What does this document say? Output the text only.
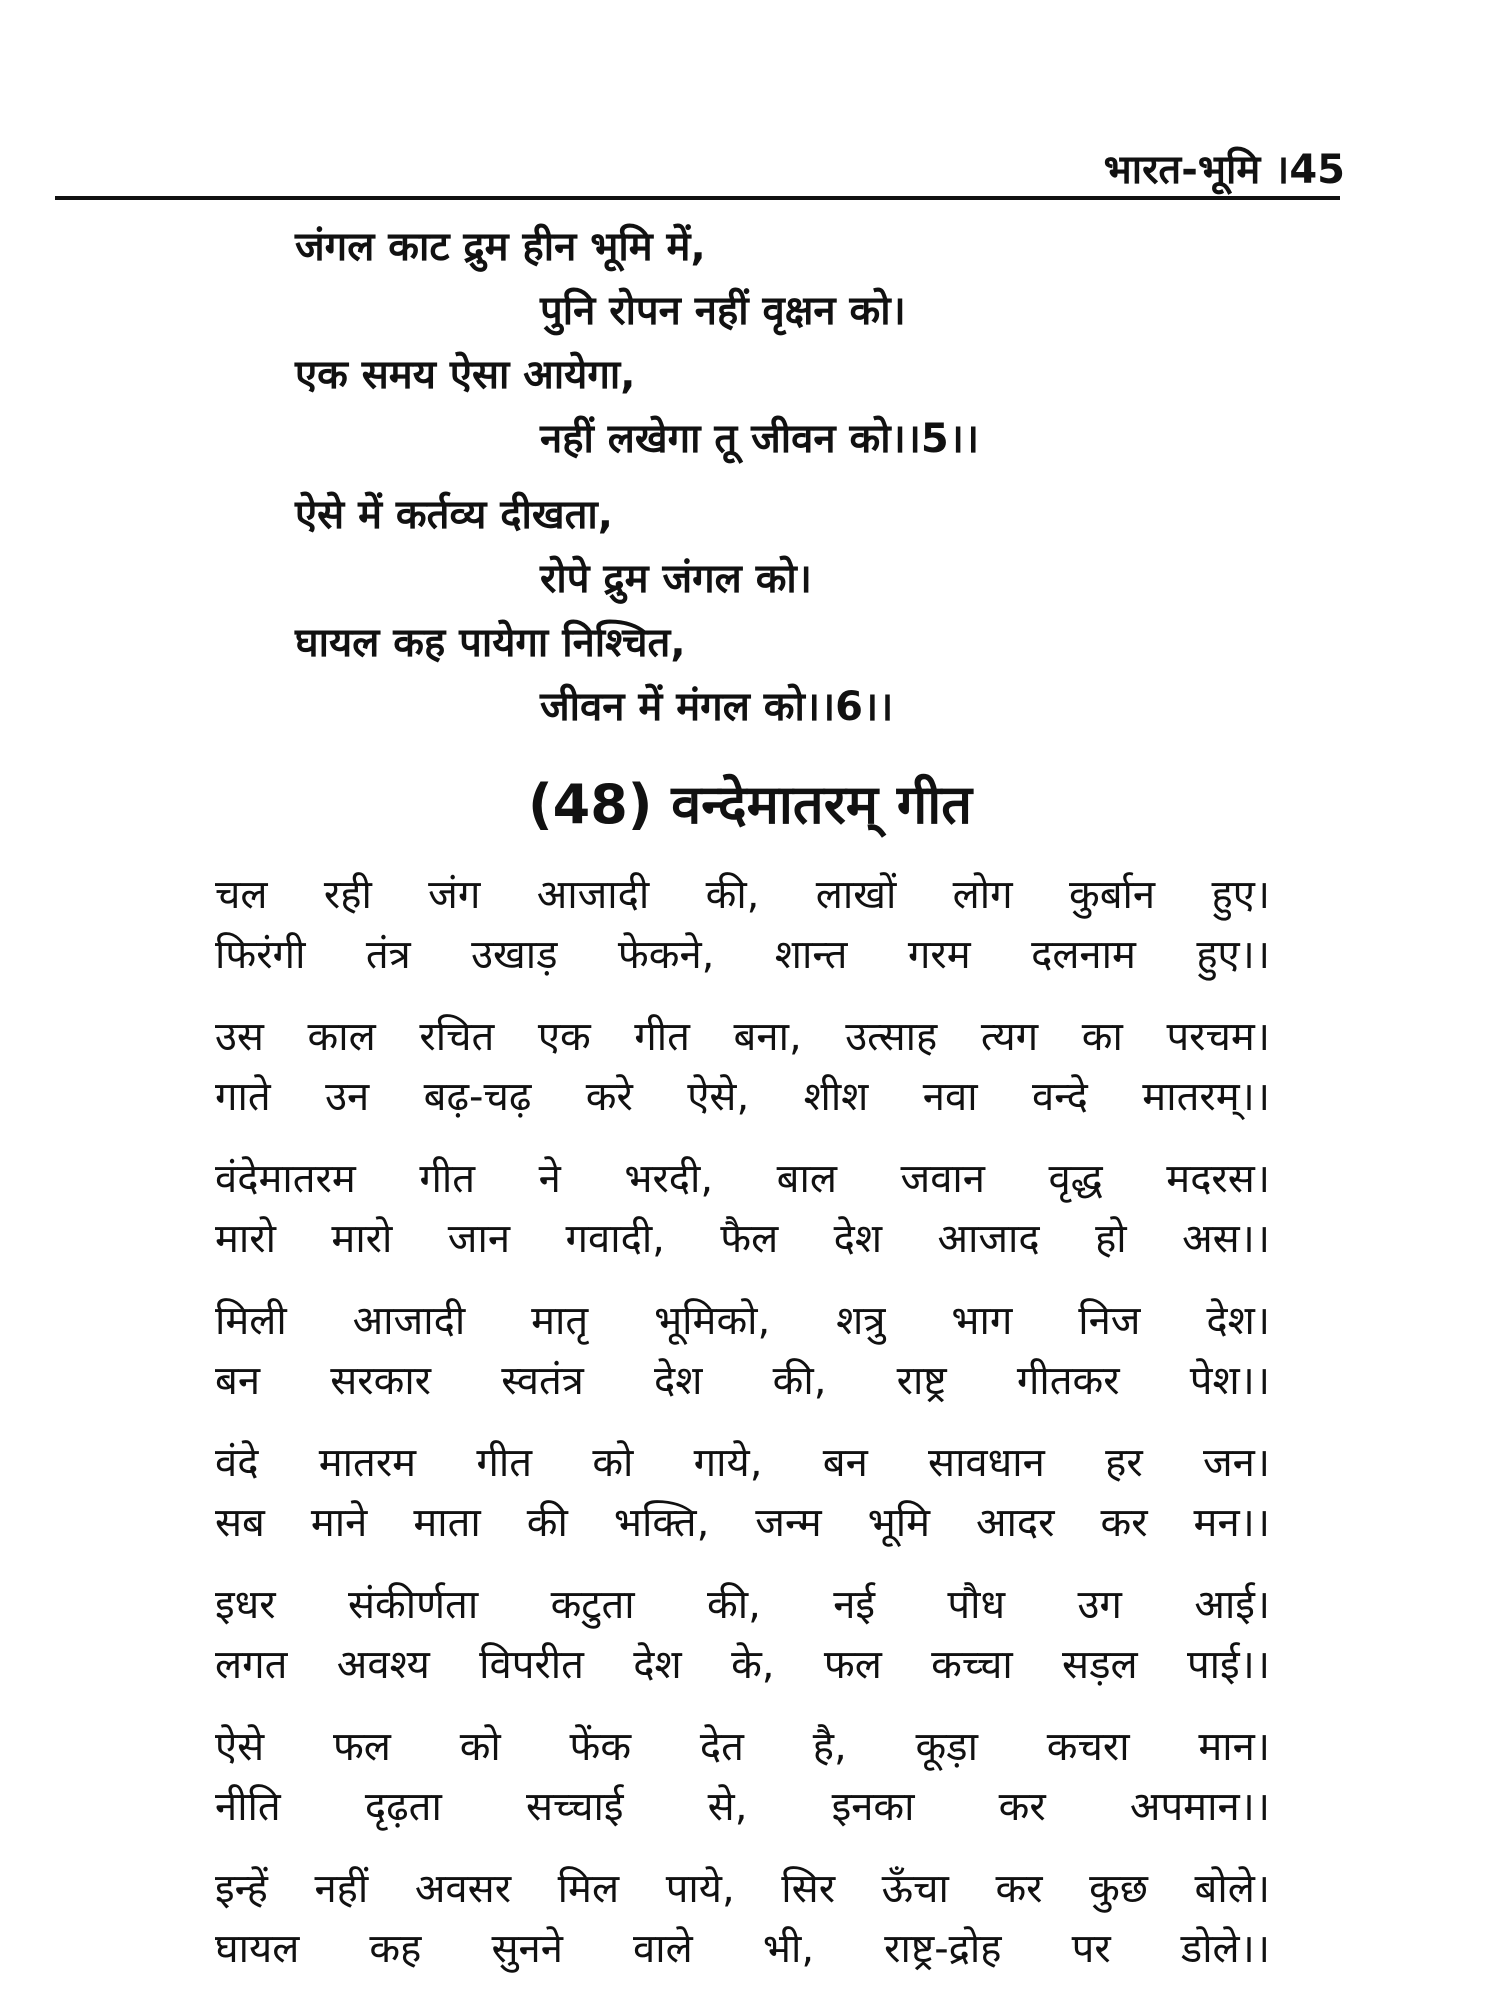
भारत-भूमि ।45
जंगल काट द्रुम हीन भूमि में,
पुनि रोपन नहीं वृक्षन को।
एक समय ऐसा आयेगा,
नहीं लखेगा तू जीवन को।।5।।
ऐसे में कर्तव्य दीखता,
रोपे द्रुम जंगल को।
घायल कह पायेगा निश्चित,
जीवन में मंगल को।।6।।
(48) वन्देमातरम् गीत
चल रही जंग आजादी की, लाखों लोग कुर्बान हुए।
फिरंगी तंत्र उखाड़ फेकने, शान्त गरम दलनाम हुए।।
उस काल रचित एक गीत बना, उत्साह त्यग का परचम।
गाते उन बढ़-चढ़ करे ऐसे, शीश नवा वन्दे मातरम्।।
वंदेमातरम गीत ने भरदी, बाल जवान वृद्ध मदरस।
मारो मारो जान गवादी, फैल देश आजाद हो अस।।
मिली आजादी मातृ भूमिको, शत्रु भाग निज देश।
बन सरकार स्वतंत्र देश की, राष्ट्र गीतकर पेश।।
वंदे मातरम गीत को गाये, बन सावधान हर जन।
सब माने माता की भक्ति, जन्म भूमि आदर कर मन।।
इधर संकीर्णता कटुता की, नई पौध उग आई।
लगत अवश्य विपरीत देश के, फल कच्चा सड़ल पाई।।
ऐसे फल को फेंक देत है, कूड़ा कचरा मान।
नीति दृढ़ता सच्चाई से, इनका कर अपमान।।
इन्हें नहीं अवसर मिल पाये, सिर ऊँचा कर कुछ बोले।
घायल कह सुनने वाले भी, राष्ट्र-द्रोह पर डोले।।
